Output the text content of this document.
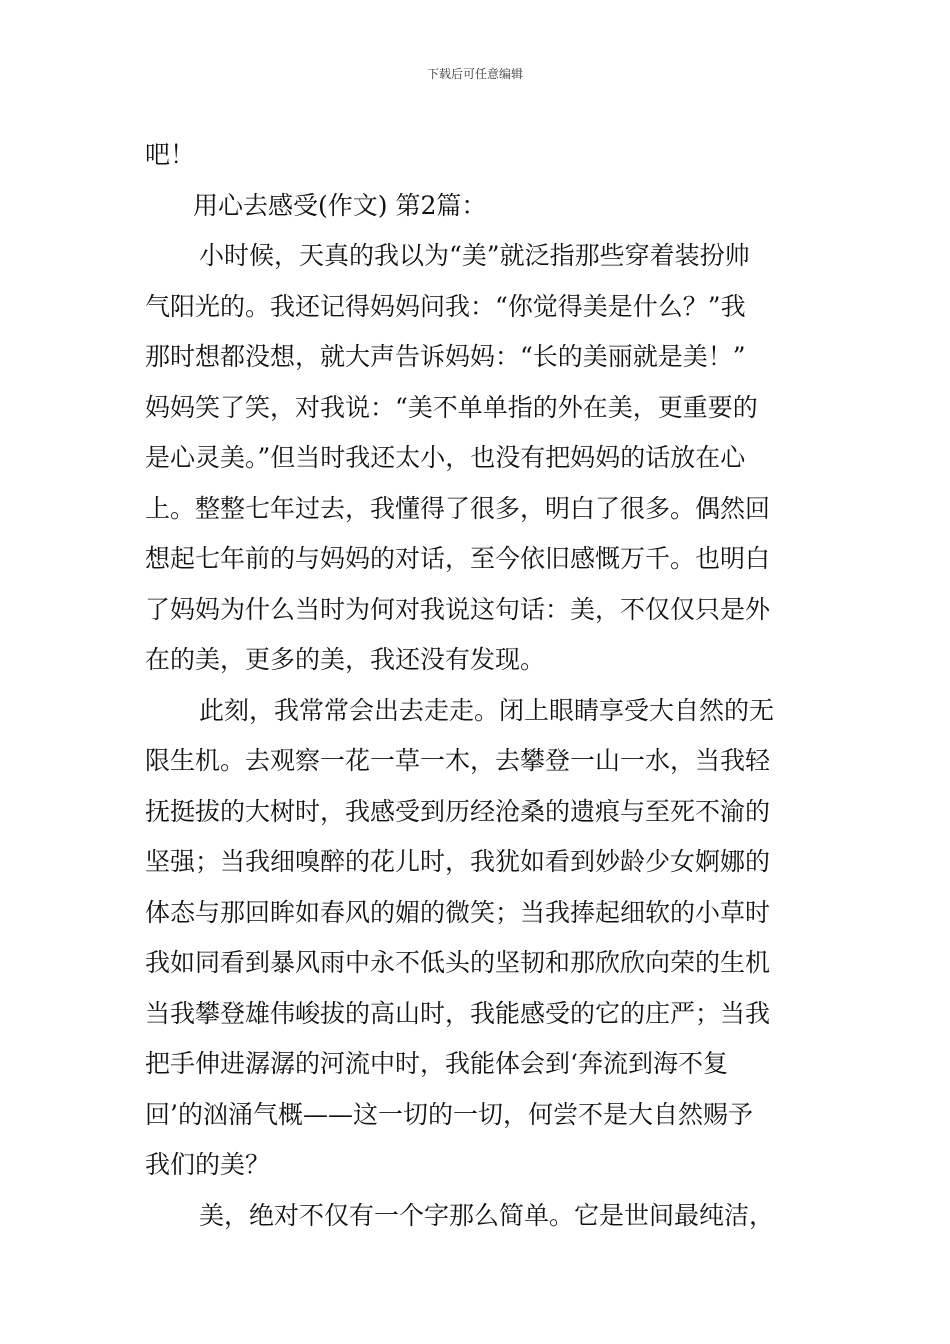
下载后可任意编辑
吧！
用心去感受(作文) 第2篇：
小时候，天真的我以为“美”就泛指那些穿着装扮帅
气阳光的。我还记得妈妈问我：“你觉得美是什么？”我
那时想都没想，就大声告诉妈妈：“长的美丽就是美！”
妈妈笑了笑，对我说：“美不单单指的外在美，更重要的
是心灵美。”但当时我还太小，也没有把妈妈的话放在心
上。整整七年过去，我懂得了很多，明白了很多。偶然回
想起七年前的与妈妈的对话，至今依旧感慨万千。也明白
了妈妈为什么当时为何对我说这句话：美，不仅仅只是外
在的美，更多的美，我还没有发现。
此刻，我常常会出去走走。闭上眼睛享受大自然的无
限生机。去观察一花一草一木，去攀登一山一水，当我轻
抚挺拔的大树时，我感受到历经沧桑的遗痕与至死不渝的
坚强；当我细嗅醉的花儿时，我犹如看到妙龄少女婀娜的
体态与那回眸如春风的媚的微笑；当我捧起细软的小草时
我如同看到暴风雨中永不低头的坚韧和那欣欣向荣的生机
当我攀登雄伟峻拔的高山时，我能感受的它的庄严；当我
把手伸进潺潺的河流中时，我能体会到‘奔流到海不复
回’的汹涌气概——这一切的一切，何尝不是大自然赐予
我们的美？
美，绝对不仅有一个字那么简单。它是世间最纯洁，
